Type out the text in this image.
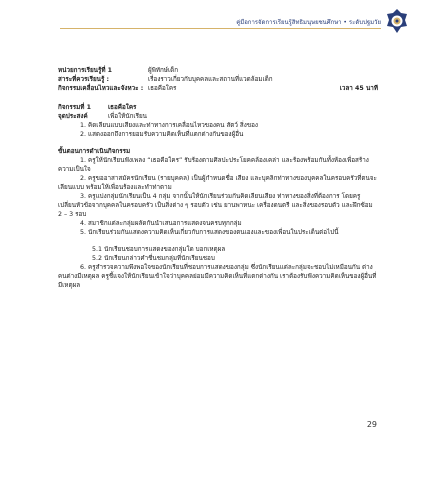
คู่มือการจัดการเรียนรู้สิทธิมนุษยชนศึกษา • ระดับปฐมวัย
หน่วยการเรียนรู้ที่ 1	ผู้พิทักษ์เด็ก
สาระที่ควรเรียนรู้ :	เรื่องราวเกี่ยวกับบุคคลและสถานที่แวดล้อมเด็ก
กิจกรรมเคลื่อนไหวและจังหวะ : เธอคือใคร	เวลา 45 นาที
กิจกรรมที่ 1	เธอคือใคร
จุดประสงค์	เพื่อให้นักเรียน
1. คิดเลียนแบบเสียงและท่าทางการเคลื่อนไหวของคน สัตว์ สิ่งของ
2. แสดงออกถึงการยอมรับความคิดเห็นที่แตกต่างกันของผู้อื่น
ขั้นตอนการดำเนินกิจกรรม
1. ครูให้นักเรียนฟังเพลง “เธอคือใคร” รับร้องตามศิลปะประโยคคล้องเคล่า และร้องพร้อมกันทั้งห้องเพื่อสร้างความเป็นใจ
2. ครูขออาสาสมัครนักเรียน (รายบุคคล) เป็นผู้กำหนดชื่อ เสียง และบุคลิกท่าทางของบุคคลในครอบครัวที่ตนจะเลียนแบบ พร้อมให้เพื่อนร้องและทำท่าตาม
3. ครูแบ่งกลุ่มนักเรียนเป็น 4 กลุ่ม จากนั้นให้นักเรียนร่วมกันคิดเลียนเสียง ท่าทางของสิ่งที่ต้องการ โดยครูเปลี่ยนหัวข้อจากบุคคลในครอบครัว เป็นสิ่งต่าง ๆ รอบตัว เช่น ยานพาหนะ เครื่องดนตรี และสิ่งของรอบตัว และฝึกซ้อม 2 – 3 รอบ
4. สมาชิกแต่ละกลุ่มผลัดกันนำเสนอการแสดงจนครบทุกกลุ่ม
5. นักเรียนร่วมกันแสดงความคิดเห็นเกี่ยวกับการแสดงของตนเองและของเพื่อนในประเด็นต่อไปนี้
5.1 นักเรียนชอบการแสดงของกลุ่มใด บอกเหตุผล
5.2 นักเรียนกล่าวคำชื่นชมกลุ่มที่นักเรียนชอบ
6. ครูสำรวจความพึงพอใจของนักเรียนที่ชอบการแสดงของกลุ่ม ซึ่งนักเรียนแต่ละกลุ่มจะชอบไม่เหมือนกัน ต่างคนต่างมีเหตุผล ครูชี้แจงให้นักเรียนเข้าใจว่าบุคคลย่อมมีความคิดเห็นที่แตกต่างกัน เราต้องรับฟังความคิดเห็นของผู้อื่นที่มีเหตุผล
29
